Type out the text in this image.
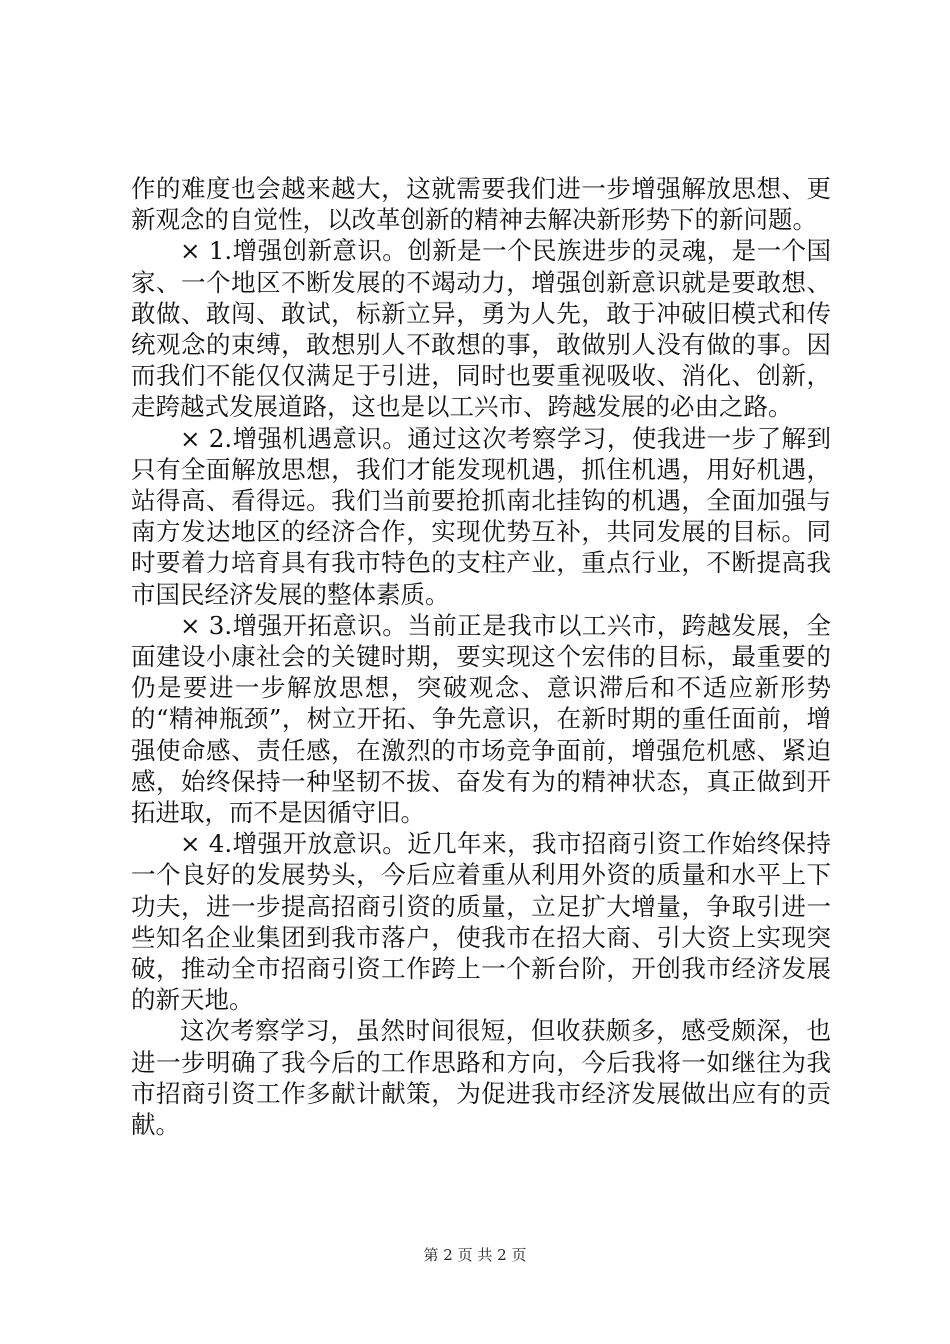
作的难度也会越来越大，这就需要我们进一步增强解放思想、更新观念的自觉性，以改革创新的精神去解决新形势下的新问题。

× 1.增强创新意识。创新是一个民族进步的灵魂，是一个国家、一个地区不断发展的不竭动力，增强创新意识就是要敢想、敢做、敢闯、敢试，标新立异，勇为人先，敢于冲破旧模式和传统观念的束缚，敢想别人不敢想的事，敢做别人没有做的事。因而我们不能仅仅满足于引进，同时也要重视吸收、消化、创新，走跨越式发展道路，这也是以工兴市、跨越发展的必由之路。

× 2.增强机遇意识。通过这次考察学习，使我进一步了解到只有全面解放思想，我们才能发现机遇，抓住机遇，用好机遇，站得高、看得远。我们当前要抢抓南北挂钩的机遇，全面加强与南方发达地区的经济合作，实现优势互补，共同发展的目标。同时要着力培育具有我市特色的支柱产业，重点行业，不断提高我市国民经济发展的整体素质。

× 3.增强开拓意识。当前正是我市以工兴市，跨越发展，全面建设小康社会的关键时期，要实现这个宏伟的目标，最重要的仍是要进一步解放思想，突破观念、意识滞后和不适应新形势的“精神瓶颈”，树立开拓、争先意识，在新时期的重任面前，增强使命感、责任感，在激烈的市场竞争面前，增强危机感、紧迫感，始终保持一种坚韧不拔、奋发有为的精神状态，真正做到开拓进取，而不是因循守旧。

× 4.增强开放意识。近几年来，我市招商引资工作始终保持一个良好的发展势头，今后应着重从利用外资的质量和水平上下功夫，进一步提高招商引资的质量，立足扩大增量，争取引进一些知名企业集团到我市落户，使我市在招大商、引大资上实现突破，推动全市招商引资工作跨上一个新台阶，开创我市经济发展的新天地。

这次考察学习，虽然时间很短，但收获颇多，感受颇深，也进一步明确了我今后的工作思路和方向，今后我将一如继往为我市招商引资工作多献计献策，为促进我市经济发展做出应有的贡献。

第 2 页 共 2 页
